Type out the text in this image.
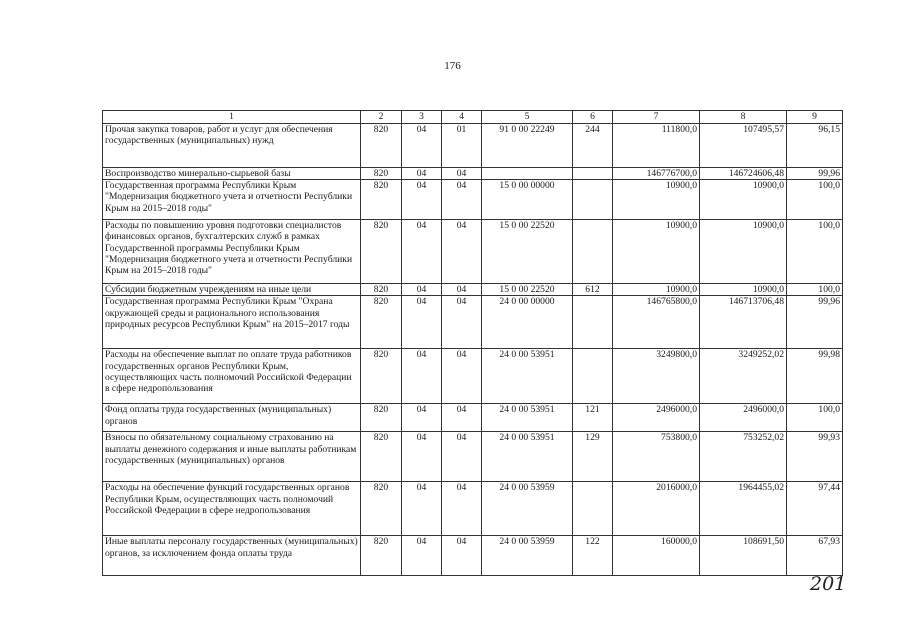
176
1	2	3	4	5	6	7	8	9
Прочая закупка товаров, работ и услуг для обеспечения государственных (муниципальных) нужд	820	04	01	91 0 00 22249	244	111800,0	107495,57	96,15
Воспроизводство минерально-сырьевой базы	820	04	04			146776700,0	146724606,48	99,96
Государственная программа Республики Крым "Модернизация бюджетного учета и отчетности Республики Крым на 2015–2018 годы"	820	04	04	15 0 00 00000		10900,0	10900,0	100,0
Расходы по повышению уровня подготовки специалистов финансовых органов, бухгалтерских служб в рамках Государственной программы Республики Крым "Модернизация бюджетного учета и отчетности Республики Крым на 2015–2018 годы"	820	04	04	15 0 00 22520		10900,0	10900,0	100,0
Субсидии бюджетным учреждениям на иные цели	820	04	04	15 0 00 22520	612	10900,0	10900,0	100,0
Государственная программа Республики Крым "Охрана окружающей среды и рационального использования природных ресурсов Республики Крым" на 2015–2017 годы	820	04	04	24 0 00 00000		146765800,0	146713706,48	99,96
Расходы на обеспечение выплат по оплате труда работников государственных органов Республики Крым, осуществляющих часть полномочий Российской Федерации в сфере недропользования	820	04	04	24 0 00 53951		3249800,0	3249252,02	99,98
Фонд оплаты труда государственных (муниципальных) органов	820	04	04	24 0 00 53951	121	2496000,0	2496000,0	100,0
Взносы по обязательному социальному страхованию на выплаты денежного содержания и иные выплаты работникам государственных (муниципальных) органов	820	04	04	24 0 00 53951	129	753800,0	753252,02	99,93
Расходы на обеспечение функций государственных органов Республики Крым, осуществляющих часть полномочий Российской Федерации в сфере недропользования	820	04	04	24 0 00 53959		2016000,0	1964455,02	97,44
Иные выплаты персоналу государственных (муниципальных) органов, за исключением фонда оплаты труда	820	04	04	24 0 00 53959	122	160000,0	108691,50	67,93
201
